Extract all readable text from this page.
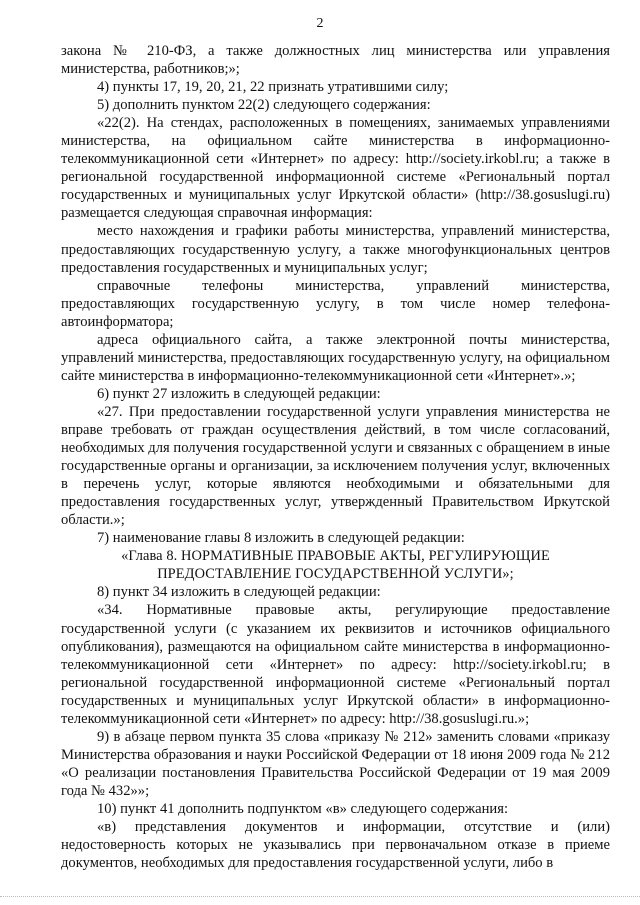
2

закона № 210-ФЗ, а также должностных лиц министерства или управления министерства, работников;»;

4) пункты 17, 19, 20, 21, 22 признать утратившими силу;

5) дополнить пунктом 22(2) следующего содержания:

«22(2). На стендах, расположенных в помещениях, занимаемых управлениями министерства, на официальном сайте министерства в информационно-телекоммуникационной сети «Интернет» по адресу: http://society.irkobl.ru; а также в региональной государственной информационной системе «Региональный портал государственных и муниципальных услуг Иркутской области» (http://38.gosuslugi.ru) размещается следующая справочная информация:

место нахождения и графики работы министерства, управлений министерства, предоставляющих государственную услугу, а также многофункциональных центров предоставления государственных и муниципальных услуг;

справочные телефоны министерства, управлений министерства, предоставляющих государственную услугу, в том числе номер телефона-автоинформатора;

адреса официального сайта, а также электронной почты министерства, управлений министерства, предоставляющих государственную услугу, на официальном сайте министерства в информационно-телекоммуникационной сети «Интернет».»;

6) пункт 27 изложить в следующей редакции:

«27. При предоставлении государственной услуги управления министерства не вправе требовать от граждан осуществления действий, в том числе согласований, необходимых для получения государственной услуги и связанных с обращением в иные государственные органы и организации, за исключением получения услуг, включенных в перечень услуг, которые являются необходимыми и обязательными для предоставления государственных услуг, утвержденный Правительством Иркутской области.»;

7) наименование главы 8 изложить в следующей редакции:

«Глава 8. НОРМАТИВНЫЕ ПРАВОВЫЕ АКТЫ, РЕГУЛИРУЮЩИЕ ПРЕДОСТАВЛЕНИЕ ГОСУДАРСТВЕННОЙ УСЛУГИ»;

8) пункт 34 изложить в следующей редакции:

«34. Нормативные правовые акты, регулирующие предоставление государственной услуги (с указанием их реквизитов и источников официального опубликования), размещаются на официальном сайте министерства в информационно-телекоммуникационной сети «Интернет» по адресу: http://society.irkobl.ru; в региональной государственной информационной системе «Региональный портал государственных и муниципальных услуг Иркутской области» в информационно-телекоммуникационной сети «Интернет» по адресу: http://38.gosuslugi.ru.»;

9) в абзаце первом пункта 35 слова «приказу № 212» заменить словами «приказу Министерства образования и науки Российской Федерации от 18 июня 2009 года № 212 «О реализации постановления Правительства Российской Федерации от 19 мая 2009 года № 432»»;

10) пункт 41 дополнить подпунктом «в» следующего содержания:

«в) представления документов и информации, отсутствие и (или) недостоверность которых не указывались при первоначальном отказе в приеме документов, необходимых для предоставления государственной услуги, либо в
